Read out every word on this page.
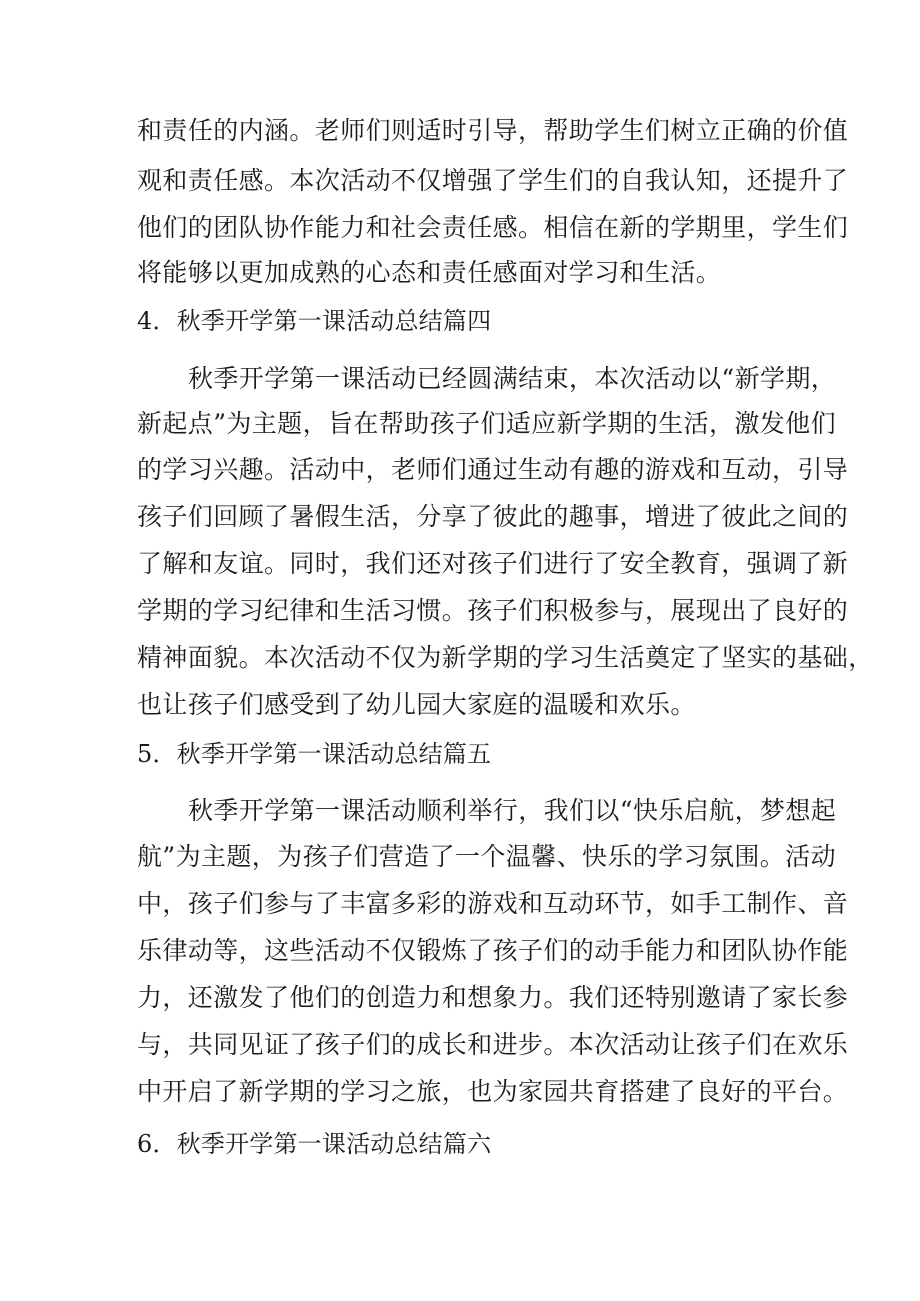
和责任的内涵。老师们则适时引导，帮助学生们树立正确的价值
观和责任感。本次活动不仅增强了学生们的自我认知，还提升了
他们的团队协作能力和社会责任感。相信在新的学期里，学生们
将能够以更加成熟的心态和责任感面对学习和生活。
4．秋季开学第一课活动总结篇四
秋季开学第一课活动已经圆满结束，本次活动以“新学期，
新起点”为主题，旨在帮助孩子们适应新学期的生活，激发他们
的学习兴趣。活动中，老师们通过生动有趣的游戏和互动，引导
孩子们回顾了暑假生活，分享了彼此的趣事，增进了彼此之间的
了解和友谊。同时，我们还对孩子们进行了安全教育，强调了新
学期的学习纪律和生活习惯。孩子们积极参与，展现出了良好的
精神面貌。本次活动不仅为新学期的学习生活奠定了坚实的基础，
也让孩子们感受到了幼儿园大家庭的温暖和欢乐。
5．秋季开学第一课活动总结篇五
秋季开学第一课活动顺利举行，我们以“快乐启航，梦想起
航”为主题，为孩子们营造了一个温馨、快乐的学习氛围。活动
中，孩子们参与了丰富多彩的游戏和互动环节，如手工制作、音
乐律动等，这些活动不仅锻炼了孩子们的动手能力和团队协作能
力，还激发了他们的创造力和想象力。我们还特别邀请了家长参
与，共同见证了孩子们的成长和进步。本次活动让孩子们在欢乐
中开启了新学期的学习之旅，也为家园共育搭建了良好的平台。
6．秋季开学第一课活动总结篇六
